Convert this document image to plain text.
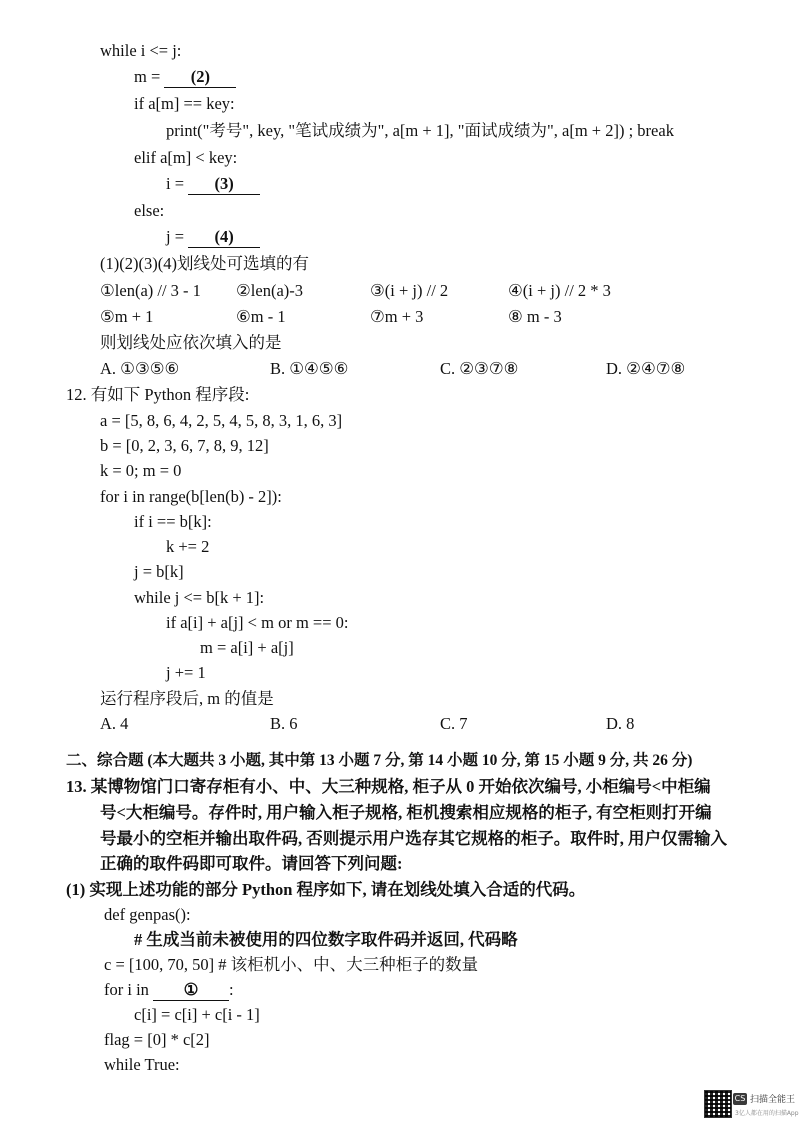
while i <= j:
m = (2)
if a[m] == key:
print("考号", key, "笔试成绩为", a[m + 1], "面试成绩为", a[m + 2]) ; break
elif a[m] < key:
i = (3)
else:
j = (4)
(1)(2)(3)(4)划线处可选填的有
①len(a) // 3 - 1 ②len(a)-3	③(i + j) // 2	④(i + j) // 2 * 3
⑤m + 1	⑥m - 1	⑦m + 3	⑧ m - 3
则划线处应依次填入的是
A. ①③⑤⑥	B. ①④⑤⑥	C. ②③⑦⑧	D. ②④⑦⑧
12. 有如下 Python 程序段:
a = [5, 8, 6, 4, 2, 5, 4, 5, 8, 3, 1, 6, 3]
b = [0, 2, 3, 6, 7, 8, 9, 12]
k = 0; m = 0
for i in range(b[len(b) - 2]):
if i == b[k]:
k += 2
j = b[k]
while j <= b[k + 1]:
if a[i] + a[j] < m or m == 0:
m = a[i] + a[j]
j += 1
运行程序段后, m 的值是
A. 4	B. 6	C. 7	D. 8
二、综合题 (本大题共 3 小题, 其中第 13 小题 7 分, 第 14 小题 10 分, 第 15 小题 9 分, 共 26 分)
13. 某博物馆门口寄存柜有小、中、大三种规格, 柜子从 0 开始依次编号, 小柜编号<中柜编
号<大柜编号。存件时, 用户输入柜子规格, 柜机搜索相应规格的柜子, 有空柜则打开编
号最小的空柜并输出取件码, 否则提示用户选存其它规格的柜子。取件时, 用户仅需输入
正确的取件码即可取件。请回答下列问题:
(1) 实现上述功能的部分 Python 程序如下, 请在划线处填入合适的代码。
def genpas():
# 生成当前未被使用的四位数字取件码并返回, 代码略
c = [100, 70, 50] # 该柜机小、中、大三种柜子的数量
for i in ① :
c[i] = c[i] + c[i - 1]
flag = [0] * c[2]
while True:
CS 扫描全能王
3亿人都在用的扫描App
